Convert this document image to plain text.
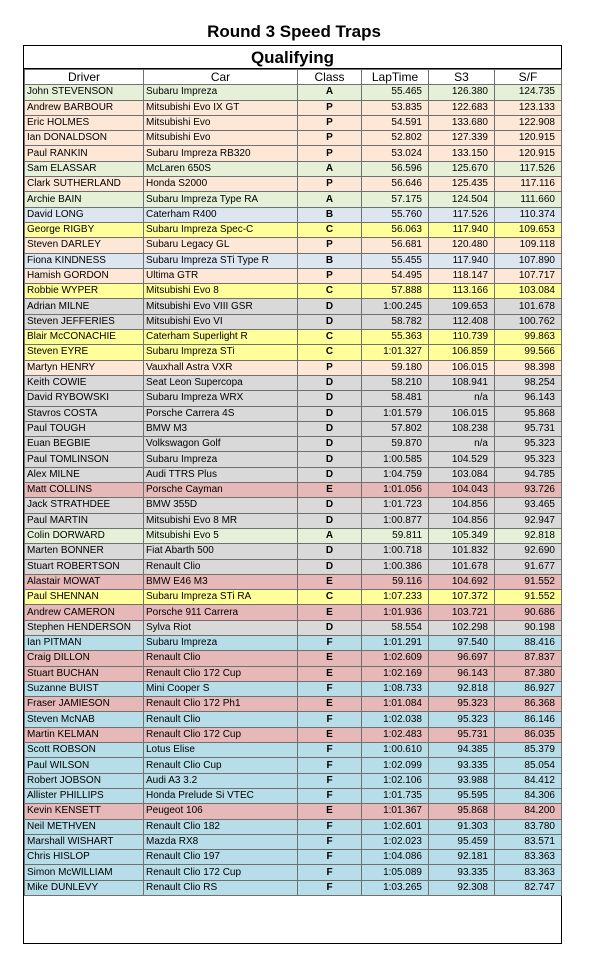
Round 3 Speed Traps
Qualifying
Driver	Car	Class	LapTime	S3	S/F
John STEVENSON	Subaru Impreza	A	55.465	126.380	124.735
Andrew BARBOUR	Mitsubishi Evo IX GT	P	53.835	122.683	123.133
Eric HOLMES	Mitsubishi Evo	P	54.591	133.680	122.908
Ian DONALDSON	Mitsubishi Evo	P	52.802	127.339	120.915
Paul RANKIN	Subaru Impreza RB320	P	53.024	133.150	120.915
Sam ELASSAR	McLaren 650S	A	56.596	125.670	117.526
Clark SUTHERLAND	Honda S2000	P	56.646	125.435	117.116
Archie BAIN	Subaru Impreza Type RA	A	57.175	124.504	111.660
David LONG	Caterham R400	B	55.760	117.526	110.374
George RIGBY	Subaru Impreza Spec-C	C	56.063	117.940	109.653
Steven DARLEY	Subaru Legacy GL	P	56.681	120.480	109.118
Fiona KINDNESS	Subaru Impreza STi Type R	B	55.455	117.940	107.890
Hamish GORDON	Ultima GTR	P	54.495	118.147	107.717
Robbie WYPER	Mitsubishi Evo 8	C	57.888	113.166	103.084
Adrian MILNE	Mitsubishi Evo VIII GSR	D	1:00.245	109.653	101.678
Steven JEFFERIES	Mitsubishi Evo VI	D	58.782	112.408	100.762
Blair McCONACHIE	Caterham Superlight R	C	55.363	110.739	99.863
Steven EYRE	Subaru Impreza STi	C	1:01.327	106.859	99.566
Martyn HENRY	Vauxhall Astra VXR	P	59.180	106.015	98.398
Keith COWIE	Seat Leon Supercopa	D	58.210	108.941	98.254
David RYBOWSKI	Subaru Impreza WRX	D	58.481	n/a	96.143
Stavros COSTA	Porsche Carrera 4S	D	1:01.579	106.015	95.868
Paul TOUGH	BMW M3	D	57.802	108.238	95.731
Euan BEGBIE	Volkswagon Golf	D	59.870	n/a	95.323
Paul TOMLINSON	Subaru Impreza	D	1:00.585	104.529	95.323
Alex MILNE	Audi TTRS Plus	D	1:04.759	103.084	94.785
Matt COLLINS	Porsche Cayman	E	1:01.056	104.043	93.726
Jack STRATHDEE	BMW 355D	D	1:01.723	104.856	93.465
Paul MARTIN	Mitsubishi Evo 8 MR	D	1:00.877	104.856	92.947
Colin DORWARD	Mitsubishi Evo 5	A	59.811	105.349	92.818
Marten BONNER	Fiat Abarth 500	D	1:00.718	101.832	92.690
Stuart ROBERTSON	Renault Clio	D	1:00.386	101.678	91.677
Alastair MOWAT	BMW E46 M3	E	59.116	104.692	91.552
Paul SHENNAN	Subaru Impreza STi RA	C	1:07.233	107.372	91.552
Andrew CAMERON	Porsche 911 Carrera	E	1:01.936	103.721	90.686
Stephen HENDERSON	Sylva Riot	D	58.554	102.298	90.198
Ian PITMAN	Subaru Impreza	F	1:01.291	97.540	88.416
Craig DILLON	Renault Clio	E	1:02.609	96.697	87.837
Stuart BUCHAN	Renault Clio 172 Cup	E	1:02.169	96.143	87.380
Suzanne BUIST	Mini Cooper S	F	1:08.733	92.818	86.927
Fraser JAMIESON	Renault Clio 172 Ph1	E	1:01.084	95.323	86.368
Steven McNAB	Renault Clio	F	1:02.038	95.323	86.146
Martin KELMAN	Renault Clio 172 Cup	E	1:02.483	95.731	86.035
Scott ROBSON	Lotus Elise	F	1:00.610	94.385	85.379
Paul WILSON	Renault Clio Cup	F	1:02.099	93.335	85.054
Robert JOBSON	Audi A3 3.2	F	1:02.106	93.988	84.412
Allister PHILLIPS	Honda Prelude Si VTEC	F	1:01.735	95.595	84.306
Kevin KENSETT	Peugeot 106	E	1:01.367	95.868	84.200
Neil METHVEN	Renault Clio 182	F	1:02.601	91.303	83.780
Marshall WISHART	Mazda RX8	F	1:02.023	95.459	83.571
Chris HISLOP	Renault Clio 197	F	1:04.086	92.181	83.363
Simon McWILLIAM	Renault Clio 172 Cup	F	1:05.089	93.335	83.363
Mike DUNLEVY	Renault Clio RS	F	1:03.265	92.308	82.747
